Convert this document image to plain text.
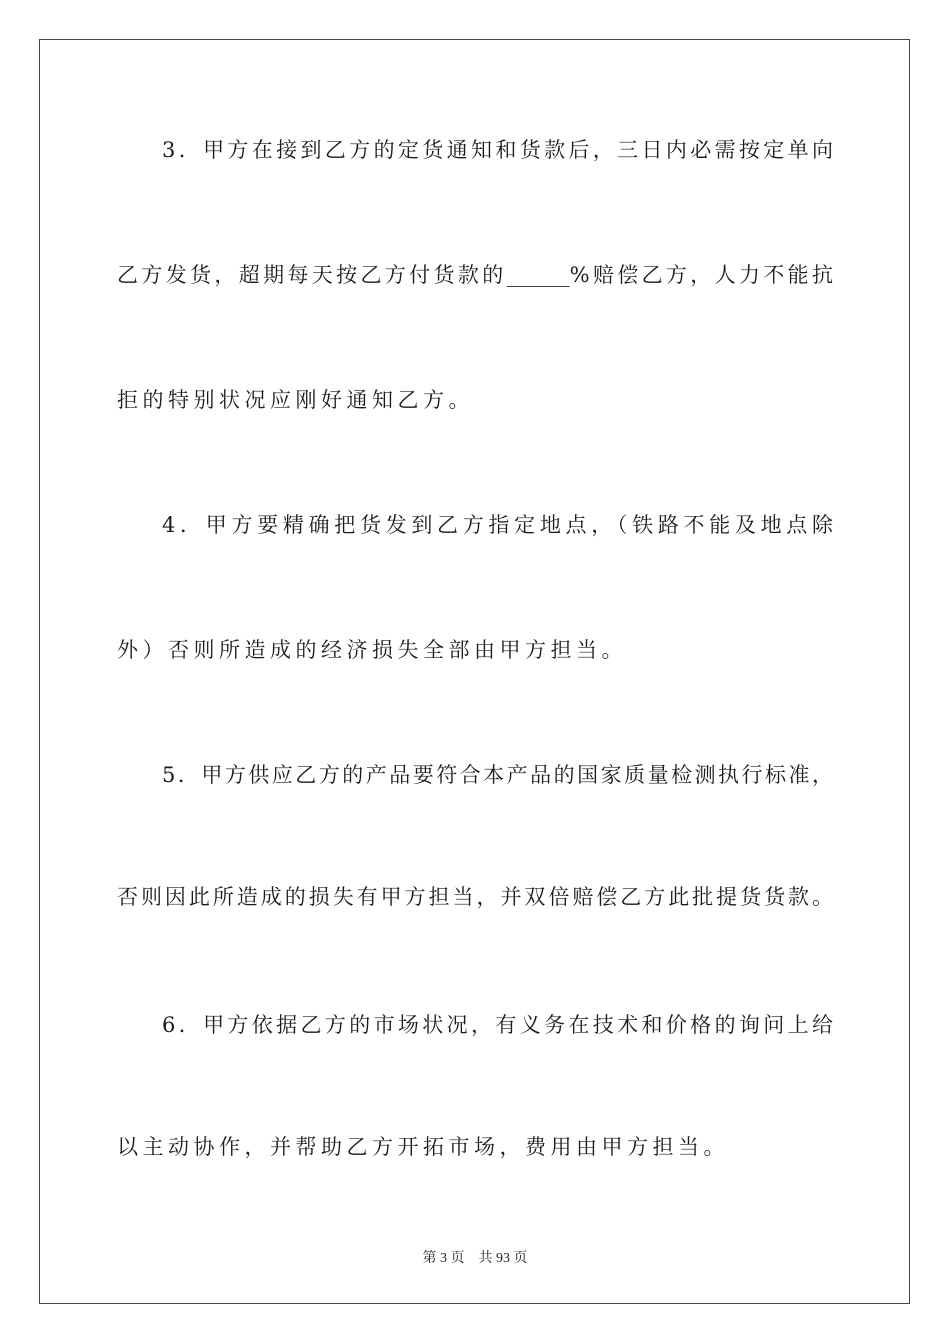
3．甲方在接到乙方的定货通知和货款后，三日内必需按定单向
乙方发货，超期每天按乙方付货款的______%赔偿乙方，人力不能抗
拒的特别状况应刚好通知乙方。
4．甲方要精确把货发到乙方指定地点，（铁路不能及地点除
外）否则所造成的经济损失全部由甲方担当。
5．甲方供应乙方的产品要符合本产品的国家质量检测执行标准，
否则因此所造成的损失有甲方担当，并双倍赔偿乙方此批提货货款。
6．甲方依据乙方的市场状况，有义务在技术和价格的询问上给
以主动协作，并帮助乙方开拓市场，费用由甲方担当。
第 3 页 共 93 页
